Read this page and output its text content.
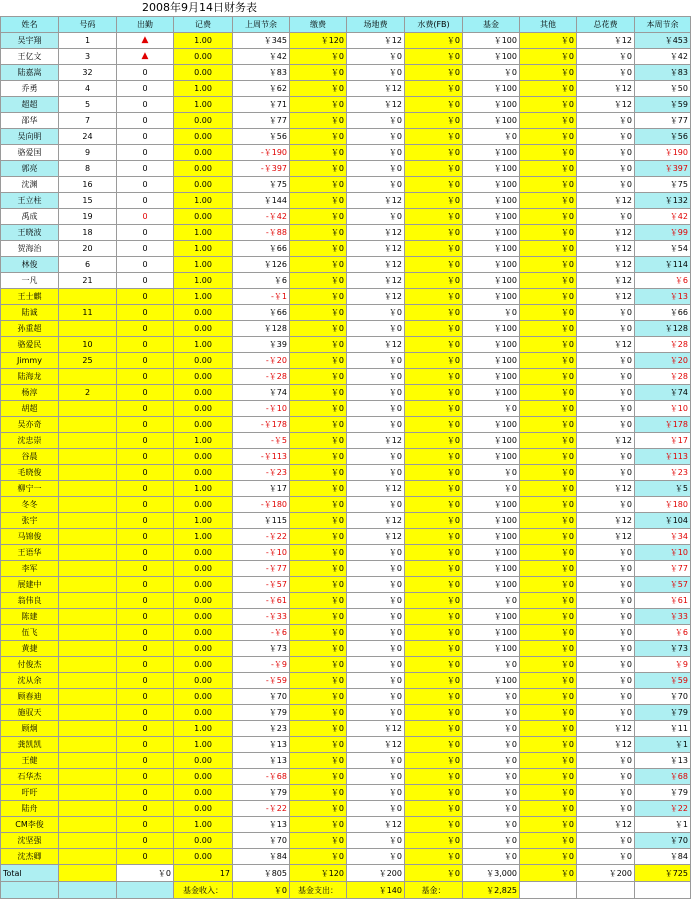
2008年9月14日财务表
姓名	号码	出勤	记费	上周节余	缴费	场地费	水费(FB)	基金	其他	总花费	本周节余
吴宇翔	1	▲	1.00	￥345	￥120	￥12	￥0	￥100	￥0	￥12	￥453
王亿文	3	▲	0.00	￥42	￥0	￥0	￥0	￥100	￥0	￥0	￥42
陆嘉嵩	32	0	0.00	￥83	￥0	￥0	￥0	￥0	￥0	￥0	￥83
乔勇	4	0	1.00	￥62	￥0	￥12	￥0	￥100	￥0	￥12	￥50
超超	5	0	1.00	￥71	￥0	￥12	￥0	￥100	￥0	￥12	￥59
邵华	7	0	0.00	￥77	￥0	￥0	￥0	￥100	￥0	￥0	￥77
吴向明	24	0	0.00	￥56	￥0	￥0	￥0	￥0	￥0	￥0	￥56
骆爱国	9	0	0.00	-￥190	￥0	￥0	￥0	￥100	￥0	￥0	￥190
郭亮	8	0	0.00	-￥397	￥0	￥0	￥0	￥100	￥0	￥0	￥397
沈渊	16	0	0.00	￥75	￥0	￥0	￥0	￥100	￥0	￥0	￥75
王立柱	15	0	1.00	￥144	￥0	￥12	￥0	￥100	￥0	￥12	￥132
禹成	19	0	0.00	-￥42	￥0	￥0	￥0	￥100	￥0	￥0	￥42
王晓波	18	0	1.00	-￥88	￥0	￥12	￥0	￥100	￥0	￥12	￥99
贺海治	20	0	1.00	￥66	￥0	￥12	￥0	￥100	￥0	￥12	￥54
林俊	6	0	1.00	￥126	￥0	￥12	￥0	￥100	￥0	￥12	￥114
一凡	21	0	1.00	￥6	￥0	￥12	￥0	￥100	￥0	￥12	￥6
王士麒		0	1.00	-￥1	￥0	￥12	￥0	￥100	￥0	￥12	￥13
陆诚	11	0	0.00	￥66	￥0	￥0	￥0	￥0	￥0	￥0	￥66
孙重超		0	0.00	￥128	￥0	￥0	￥0	￥100	￥0	￥0	￥128
骆爱民	10	0	1.00	￥39	￥0	￥12	￥0	￥100	￥0	￥12	￥28
Jimmy	25	0	0.00	-￥20	￥0	￥0	￥0	￥100	￥0	￥0	￥20
陆海龙		0	0.00	-￥28	￥0	￥0	￥0	￥100	￥0	￥0	￥28
杨淳	2	0	0.00	￥74	￥0	￥0	￥0	￥100	￥0	￥0	￥74
胡超		0	0.00	-￥10	￥0	￥0	￥0	￥0	￥0	￥0	￥10
吴亦奇		0	0.00	-￥178	￥0	￥0	￥0	￥100	￥0	￥0	￥178
沈忠崇		0	1.00	-￥5	￥0	￥12	￥0	￥100	￥0	￥12	￥17
谷晨		0	0.00	-￥113	￥0	￥0	￥0	￥100	￥0	￥0	￥113
毛晓俊		0	0.00	-￥23	￥0	￥0	￥0	￥0	￥0	￥0	￥23
柳宁一		0	1.00	￥17	￥0	￥12	￥0	￥0	￥0	￥12	￥5
冬冬		0	0.00	-￥180	￥0	￥0	￥0	￥100	￥0	￥0	￥180
张宇		0	1.00	￥115	￥0	￥12	￥0	￥100	￥0	￥12	￥104
马锦俊		0	1.00	-￥22	￥0	￥12	￥0	￥100	￥0	￥12	￥34
王语华		0	0.00	-￥10	￥0	￥0	￥0	￥100	￥0	￥0	￥10
李军		0	0.00	-￥77	￥0	￥0	￥0	￥100	￥0	￥0	￥77
展建中		0	0.00	-￥57	￥0	￥0	￥0	￥100	￥0	￥0	￥57
翁伟良		0	0.00	-￥61	￥0	￥0	￥0	￥0	￥0	￥0	￥61
陈建		0	0.00	-￥33	￥0	￥0	￥0	￥100	￥0	￥0	￥33
伍飞		0	0.00	-￥6	￥0	￥0	￥0	￥100	￥0	￥0	￥6
黄捷		0	0.00	￥73	￥0	￥0	￥0	￥100	￥0	￥0	￥73
付俊杰		0	0.00	-￥9	￥0	￥0	￥0	￥0	￥0	￥0	￥9
沈从余		0	0.00	-￥59	￥0	￥0	￥0	￥100	￥0	￥0	￥59
顾春迪		0	0.00	￥70	￥0	￥0	￥0	￥0	￥0	￥0	￥70
施驭天		0	0.00	￥79	￥0	￥0	￥0	￥0	￥0	￥0	￥79
顾炯		0	1.00	￥23	￥0	￥12	￥0	￥0	￥0	￥12	￥11
龚凯凯		0	1.00	￥13	￥0	￥12	￥0	￥0	￥0	￥12	￥1
王健		0	0.00	￥13	￥0	￥0	￥0	￥0	￥0	￥0	￥13
石华杰		0	0.00	-￥68	￥0	￥0	￥0	￥0	￥0	￥0	￥68
吁吁		0	0.00	￥79	￥0	￥0	￥0	￥0	￥0	￥0	￥79
陆舟		0	0.00	-￥22	￥0	￥0	￥0	￥0	￥0	￥0	￥22
CM李俊		0	1.00	￥13	￥0	￥12	￥0	￥0	￥0	￥12	￥1
沈坚强		0	0.00	￥70	￥0	￥0	￥0	￥0	￥0	￥0	￥70
沈杰卿		0	0.00	￥84	￥0	￥0	￥0	￥0	￥0	￥0	￥84
Total		￥0	17	￥805	￥120	￥200	￥0	￥3,000	￥0	￥200	￥725
			基金收入：	￥0	基金支出：	￥140	基金：	￥2,825			
